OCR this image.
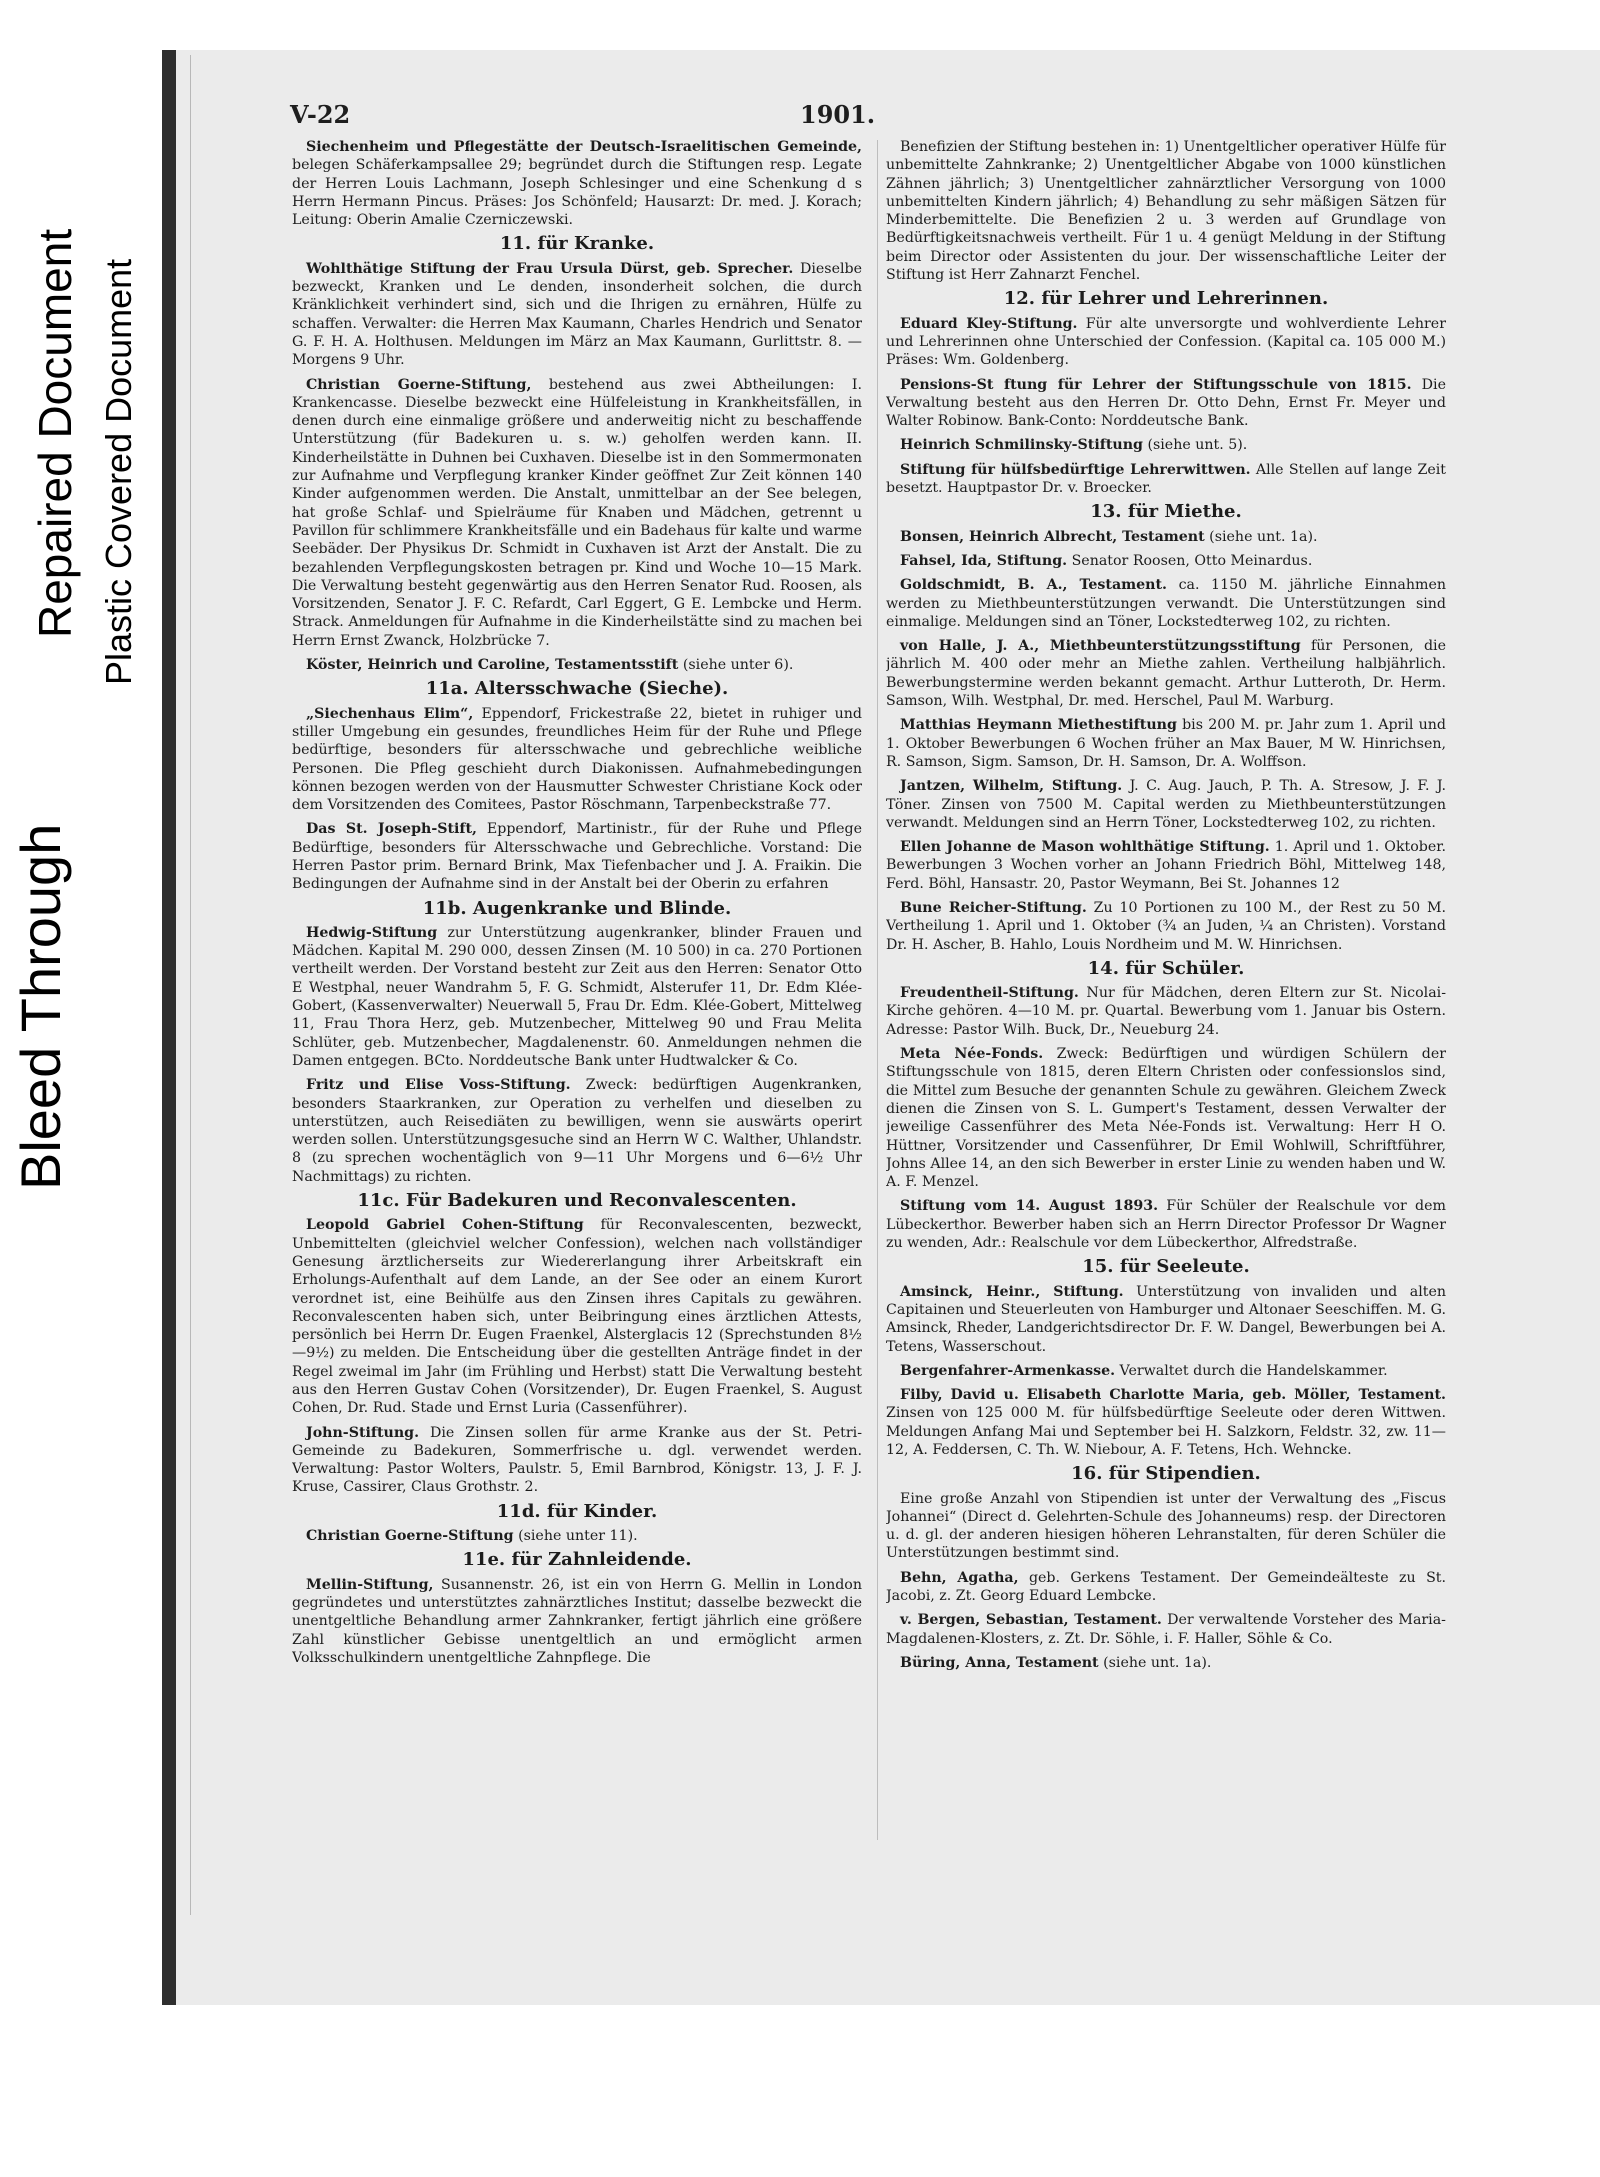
Bleed Through
Repaired Document Plastic Covered Document
V-22	1901.

Siechenheim und Pflegestätte der Deutsch-Israelitischen Gemeinde, belegen Schäferkampsallee 29; begründet durch die Stiftungen resp. Legate der Herren Louis Lachmann, Joseph Schlesinger und eine Schenkung d s Herrn Hermann Pincus. Präses: Jos Schönfeld; Hausarzt: Dr. med. J. Korach; Leitung: Oberin Amalie Czerniczewski.

11. für Kranke.

Wohlthätige Stiftung der Frau Ursula Dürst, geb. Sprecher. Dieselbe bezweckt, Kranken und Le denden, insonderheit solchen, die durch Kränklichkeit verhindert sind, sich und die Ihrigen zu ernähren, Hülfe zu schaffen. Verwalter: die Herren Max Kaumann, Charles Hendrich und Senator G. F. H. A. Holthusen. Meldungen im März an Max Kaumann, Gurlittstr. 8. — Morgens 9 Uhr.

Christian Goerne-Stiftung, bestehend aus zwei Abtheilungen: I. Krankencasse. Dieselbe bezweckt eine Hülfeleistung in Krankheitsfällen, in denen durch eine einmalige größere und anderweitig nicht zu beschaffende Unterstützung (für Badekuren u. s. w.) geholfen werden kann. II. Kinderheilstätte in Duhnen bei Cuxhaven. Dieselbe ist in den Sommermonaten zur Aufnahme und Verpflegung kranker Kinder geöffnet Zur Zeit können 140 Kinder aufgenommen werden. Die Anstalt, unmittelbar an der See belegen, hat große Schlaf- und Spielräume für Knaben und Mädchen, getrennt u Pavillon für schlimmere Krankheitsfälle und ein Badehaus für kalte und warme Seebäder. Der Physikus Dr. Schmidt in Cuxhaven ist Arzt der Anstalt. Die zu bezahlenden Verpflegungskosten betragen pr. Kind und Woche 10—15 Mark. Die Verwaltung besteht gegenwärtig aus den Herren Senator Rud. Roosen, als Vorsitzenden, Senator J. F. C. Refardt, Carl Eggert, G E. Lembcke und Herm. Strack. Anmeldungen für Aufnahme in die Kinderheilstätte sind zu machen bei Herrn Ernst Zwanck, Holzbrücke 7.

Köster, Heinrich und Caroline, Testamentsstift (siehe unter 6).

11a. Altersschwache (Sieche).

„Siechenhaus Elim“, Eppendorf, Frickestraße 22, bietet in ruhiger und stiller Umgebung ein gesundes, freundliches Heim für der Ruhe und Pflege bedürftige, besonders für altersschwache und gebrechliche weibliche Personen. Die Pfleg geschieht durch Diakonissen. Aufnahmebedingungen können bezogen werden von der Hausmutter Schwester Christiane Kock oder dem Vorsitzenden des Comitees, Pastor Röschmann, Tarpenbeckstraße 77.

Das St. Joseph-Stift, Eppendorf, Martinistr., für der Ruhe und Pflege Bedürftige, besonders für Altersschwache und Gebrechliche. Vorstand: Die Herren Pastor prim. Bernard Brink, Max Tiefenbacher und J. A. Fraikin. Die Bedingungen der Aufnahme sind in der Anstalt bei der Oberin zu erfahren

11b. Augenkranke und Blinde.

Hedwig-Stiftung zur Unterstützung augenkranker, blinder Frauen und Mädchen. Kapital M. 290 000, dessen Zinsen (M. 10 500) in ca. 270 Portionen vertheilt werden. Der Vorstand besteht zur Zeit aus den Herren: Senator Otto E Westphal, neuer Wandrahm 5, F. G. Schmidt, Alsterufer 11, Dr. Edm Klée-Gobert, (Kassenverwalter) Neuerwall 5, Frau Dr. Edm. Klée-Gobert, Mittelweg 11, Frau Thora Herz, geb. Mutzenbecher, Mittelweg 90 und Frau Melita Schlüter, geb. Mutzenbecher, Magdalenenstr. 60. Anmeldungen nehmen die Damen entgegen. BCto. Norddeutsche Bank unter Hudtwalcker & Co.

Fritz und Elise Voss-Stiftung. Zweck: bedürftigen Augenkranken, besonders Staarkranken, zur Operation zu verhelfen und dieselben zu unterstützen, auch Reisediäten zu bewilligen, wenn sie auswärts operirt werden sollen. Unterstützungsgesuche sind an Herrn W C. Walther, Uhlandstr. 8 (zu sprechen wochentäglich von 9—11 Uhr Morgens und 6—6½ Uhr Nachmittags) zu richten.

11c. Für Badekuren und Reconvalescenten.

Leopold Gabriel Cohen-Stiftung für Reconvalescenten, bezweckt, Unbemittelten (gleichviel welcher Confession), welchen nach vollständiger Genesung ärztlicherseits zur Wiedererlangung ihrer Arbeitskraft ein Erholungs-Aufenthalt auf dem Lande, an der See oder an einem Kurort verordnet ist, eine Beihülfe aus den Zinsen ihres Capitals zu gewähren. Reconvalescenten haben sich, unter Beibringung eines ärztlichen Attests, persönlich bei Herrn Dr. Eugen Fraenkel, Alsterglacis 12 (Sprechstunden 8½—9½) zu melden. Die Entscheidung über die gestellten Anträge findet in der Regel zweimal im Jahr (im Frühling und Herbst) statt Die Verwaltung besteht aus den Herren Gustav Cohen (Vorsitzender), Dr. Eugen Fraenkel, S. August Cohen, Dr. Rud. Stade und Ernst Luria (Cassenführer).

John-Stiftung. Die Zinsen sollen für arme Kranke aus der St. Petri-Gemeinde zu Badekuren, Sommerfrische u. dgl. verwendet werden. Verwaltung: Pastor Wolters, Paulstr. 5, Emil Barnbrod, Königstr. 13, J. F. J. Kruse, Cassirer, Claus Grothstr. 2.

11d. für Kinder.

Christian Goerne-Stiftung (siehe unter 11).

11e. für Zahnleidende.

Mellin-Stiftung, Susannenstr. 26, ist ein von Herrn G. Mellin in London gegründetes und unterstütztes zahnärztliches Institut; dasselbe bezweckt die unentgeltliche Behandlung armer Zahnkranker, fertigt jährlich eine größere Zahl künstlicher Gebisse unentgeltlich an und ermöglicht armen Volksschulkindern unentgeltliche Zahnpflege. Die

Benefizien der Stiftung bestehen in: 1) Unentgeltlicher operativer Hülfe für unbemittelte Zahnkranke; 2) Unentgeltlicher Abgabe von 1000 künstlichen Zähnen jährlich; 3) Unentgeltlicher zahnärztlicher Versorgung von 1000 unbemittelten Kindern jährlich; 4) Behandlung zu sehr mäßigen Sätzen für Minderbemittelte. Die Benefizien 2 u. 3 werden auf Grundlage von Bedürftigkeitsnachweis vertheilt. Für 1 u. 4 genügt Meldung in der Stiftung beim Director oder Assistenten du jour. Der wissenschaftliche Leiter der Stiftung ist Herr Zahnarzt Fenchel.

12. für Lehrer und Lehrerinnen.

Eduard Kley-Stiftung. Für alte unversorgte und wohlverdiente Lehrer und Lehrerinnen ohne Unterschied der Confession. (Kapital ca. 105 000 M.) Präses: Wm. Goldenberg.

Pensions-St ftung für Lehrer der Stiftungsschule von 1815. Die Verwaltung besteht aus den Herren Dr. Otto Dehn, Ernst Fr. Meyer und Walter Robinow. Bank-Conto: Norddeutsche Bank.

Heinrich Schmilinsky-Stiftung (siehe unt. 5).

Stiftung für hülfsbedürftige Lehrerwittwen. Alle Stellen auf lange Zeit besetzt. Hauptpastor Dr. v. Broecker.

13. für Miethe.

Bonsen, Heinrich Albrecht, Testament (siehe unt. 1a).

Fahsel, Ida, Stiftung. Senator Roosen, Otto Meinardus.

Goldschmidt, B. A., Testament. ca. 1150 M. jährliche Einnahmen werden zu Miethbeunterstützungen verwandt. Die Unterstützungen sind einmalige. Meldungen sind an Töner, Lockstedterweg 102, zu richten.

von Halle, J. A., Miethbeunterstützungsstiftung für Personen, die jährlich M. 400 oder mehr an Miethe zahlen. Vertheilung halbjährlich. Bewerbungstermine werden bekannt gemacht. Arthur Lutteroth, Dr. Herm. Samson, Wilh. Westphal, Dr. med. Herschel, Paul M. Warburg.

Matthias Heymann Miethestiftung bis 200 M. pr. Jahr zum 1. April und 1. Oktober Bewerbungen 6 Wochen früher an Max Bauer, M W. Hinrichsen, R. Samson, Sigm. Samson, Dr. H. Samson, Dr. A. Wolffson.

Jantzen, Wilhelm, Stiftung. J. C. Aug. Jauch, P. Th. A. Stresow, J. F. J. Töner. Zinsen von 7500 M. Capital werden zu Miethbeunterstützungen verwandt. Meldungen sind an Herrn Töner, Lockstedterweg 102, zu richten.

Ellen Johanne de Mason wohlthätige Stiftung. 1. April und 1. Oktober. Bewerbungen 3 Wochen vorher an Johann Friedrich Böhl, Mittelweg 148, Ferd. Böhl, Hansastr. 20, Pastor Weymann, Bei St. Johannes 12

Bune Reicher-Stiftung. Zu 10 Portionen zu 100 M., der Rest zu 50 M. Vertheilung 1. April und 1. Oktober (¾ an Juden, ¼ an Christen). Vorstand Dr. H. Ascher, B. Hahlo, Louis Nordheim und M. W. Hinrichsen.

14. für Schüler.

Freudentheil-Stiftung. Nur für Mädchen, deren Eltern zur St. Nicolai-Kirche gehören. 4—10 M. pr. Quartal. Bewerbung vom 1. Januar bis Ostern. Adresse: Pastor Wilh. Buck, Dr., Neueburg 24.

Meta Née-Fonds. Zweck: Bedürftigen und würdigen Schülern der Stiftungsschule von 1815, deren Eltern Christen oder confessionslos sind, die Mittel zum Besuche der genannten Schule zu gewähren. Gleichem Zweck dienen die Zinsen von S. L. Gumpert's Testament, dessen Verwalter der jeweilige Cassenführer des Meta Née-Fonds ist. Verwaltung: Herr H O. Hüttner, Vorsitzender und Cassenführer, Dr Emil Wohlwill, Schriftführer, Johns Allee 14, an den sich Bewerber in erster Linie zu wenden haben und W. A. F. Menzel.

Stiftung vom 14. August 1893. Für Schüler der Realschule vor dem Lübeckerthor. Bewerber haben sich an Herrn Director Professor Dr Wagner zu wenden, Adr.: Realschule vor dem Lübeckerthor, Alfredstraße.

15. für Seeleute.

Amsinck, Heinr., Stiftung. Unterstützung von invaliden und alten Capitainen und Steuerleuten von Hamburger und Altonaer Seeschiffen. M. G. Amsinck, Rheder, Landgerichtsdirector Dr. F. W. Dangel, Bewerbungen bei A. Tetens, Wasserschout.

Bergenfahrer-Armenkasse. Verwaltet durch die Handelskammer.

Filby, David u. Elisabeth Charlotte Maria, geb. Möller, Testament. Zinsen von 125 000 M. für hülfsbedürftige Seeleute oder deren Wittwen. Meldungen Anfang Mai und September bei H. Salzkorn, Feldstr. 32, zw. 11—12, A. Feddersen, C. Th. W. Niebour, A. F. Tetens, Hch. Wehncke.

16. für Stipendien.

Eine große Anzahl von Stipendien ist unter der Verwaltung des „Fiscus Johannei“ (Direct d. Gelehrten-Schule des Johanneums) resp. der Directoren u. d. gl. der anderen hiesigen höheren Lehranstalten, für deren Schüler die Unterstützungen bestimmt sind.

Behn, Agatha, geb. Gerkens Testament. Der Gemeindeälteste zu St. Jacobi, z. Zt. Georg Eduard Lembcke.

v. Bergen, Sebastian, Testament. Der verwaltende Vorsteher des Maria-Magdalenen-Klosters, z. Zt. Dr. Söhle, i. F. Haller, Söhle & Co.

Büring, Anna, Testament (siehe unt. 1a).
